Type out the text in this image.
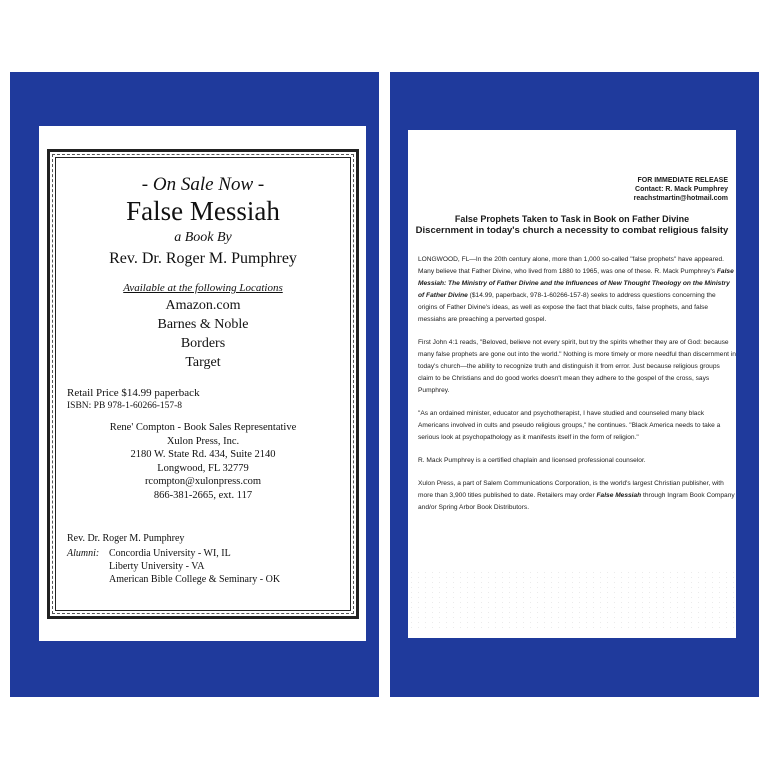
- On Sale Now -
False Messiah
a Book By
Rev. Dr. Roger M. Pumphrey
Available at the following Locations
Amazon.com
Barnes & Noble
Borders
Target
Retail Price $14.99 paperback
ISBN: PB 978-1-60266-157-8
Rene' Compton - Book Sales Representative
Xulon Press, Inc.
2180 W. State Rd. 434, Suite 2140
Longwood, FL 32779
rcompton@xulonpress.com
866-381-2665, ext. 117
Rev. Dr. Roger M. Pumphrey
Alumni: Concordia University - WI, IL
Liberty University - VA
American Bible College & Seminary - OK
FOR IMMEDIATE RELEASE
Contact: R. Mack Pumphrey
reachstmartin@hotmail.com
False Prophets Taken to Task in Book on Father Divine
Discernment in today's church a necessity to combat religious falsity

LONGWOOD, FL—In the 20th century alone, more than 1,000 so-called "false prophets" have appeared. Many believe that Father Divine, who lived from 1880 to 1965, was one of these. R. Mack Pumphrey's False Messiah: The Ministry of Father Divine and the Influences of New Thought Theology on the Ministry of Father Divine ($14.99, paperback, 978-1-60266-157-8) seeks to address questions concerning the origins of Father Divine's ideas, as well as expose the fact that black cults, false prophets, and false messiahs are preaching a perverted gospel.

First John 4:1 reads, "Beloved, believe not every spirit, but try the spirits whether they are of God: because many false prophets are gone out into the world." Nothing is more timely or more needful than discernment in today's church—the ability to recognize truth and distinguish it from error. Just because religious groups claim to be Christians and do good works doesn't mean they adhere to the gospel of the cross, says Pumphrey.

"As an ordained minister, educator and psychotherapist, I have studied and counseled many black Americans involved in cults and pseudo religious groups," he continues. "Black America needs to take a serious look at psychopathology as it manifests itself in the form of religion."

R. Mack Pumphrey is a certified chaplain and licensed professional counselor.

Xulon Press, a part of Salem Communications Corporation, is the world's largest Christian publisher, with more than 3,900 titles published to date. Retailers may order False Messiah through Ingram Book Company and/or Spring Arbor Book Distributors.
